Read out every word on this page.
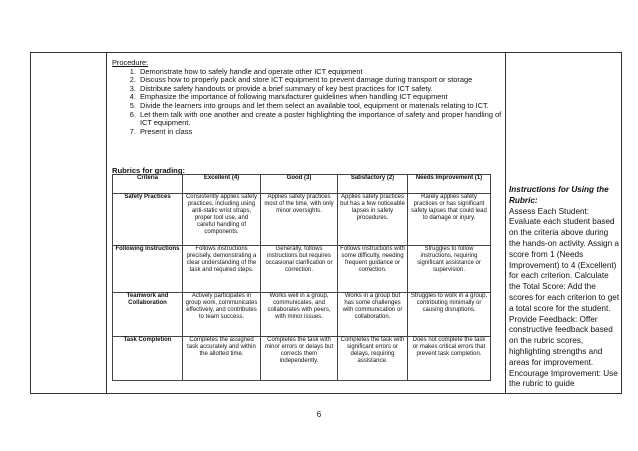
Procedure:
1. Demonstrate how to safely handle and operate other ICT equipment
2. Discuss how to properly pack and store ICT equipment to prevent damage during transport or storage
3. Distribute safety handouts or provide a brief summary of key best practices for ICT safety.
4. Emphasize the importance of following manufacturer guidelines when handling ICT equipment
5. Divide the learners into groups and let them select an available tool, equipment or materials relating to ICT.
6. Let them talk with one another and create a poster highlighting the importance of safety and proper handling of ICT equipment.
7. Present in class
Rubrics for grading:
Criteria	Excellent (4)	Good (3)	Satisfactory (2)	Needs Improvement (1)
Safety Practices	Consistently applies safety practices, including using anti-static wrist straps, proper tool use, and careful handling of components.	Applies safety practices most of the time, with only minor oversights.	Applies safety practices but has a few noticeable lapses in safety procedures.	Rarely applies safety practices or has significant safety lapses that could lead to damage or injury.
Following Instructions	Follows instructions precisely, demonstrating a clear understanding of the task and required steps.	Generally, follows instructions but requires occasional clarification or correction.	Follows instructions with some difficulty, needing frequent guidance or correction.	Struggles to follow instructions, requiring significant assistance or supervision.
Teamwork and Collaboration	Actively participates in group work, communicates effectively, and contributes to team success.	Works well in a group, communicates, and collaborates with peers, with minor issues.	Works in a group but has some challenges with communication or collaboration.	Struggles to work in a group, contributing minimally or causing disruptions.
Task Completion	Completes the assigned task accurately and within the allotted time.	Completes the task with minor errors or delays but corrects them independently.	Completes the task with significant errors or delays, requiring assistance.	Does not complete the task or makes critical errors that prevent task completion.
Instructions for Using the Rubric:
Assess Each Student: Evaluate each student based on the criteria above during the hands-on activity. Assign a score from 1 (Needs Improvement) to 4 (Excellent) for each criterion. Calculate the Total Score: Add the scores for each criterion to get a total score for the student. Provide Feedback: Offer constructive feedback based on the rubric scores, highlighting strengths and areas for improvement. Encourage Improvement: Use the rubric to guide
6
